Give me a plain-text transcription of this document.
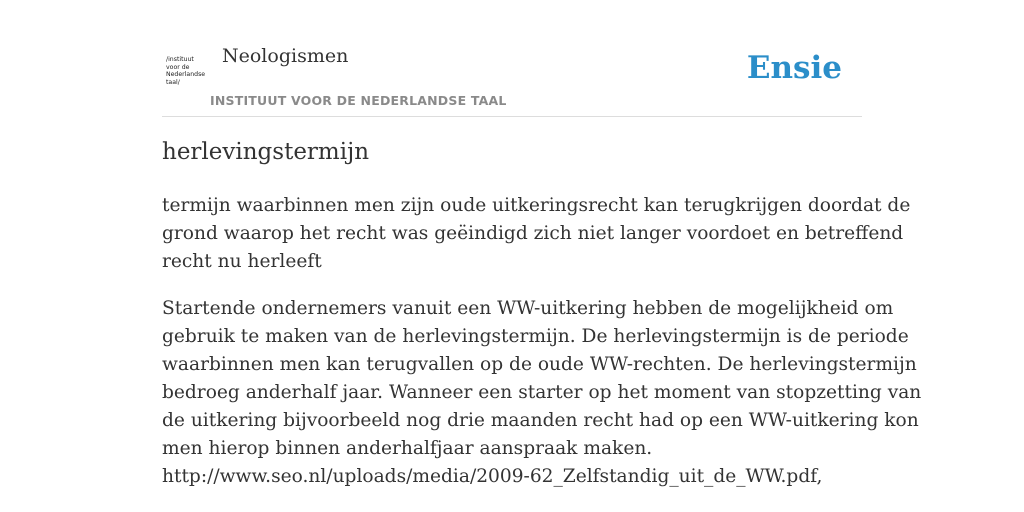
/instituut
voor de
Nederlandse
taal/
Neologismen
INSTITUUT VOOR DE NEDERLANDSE TAAL
Ensie
herlevingstermijn

termijn waarbinnen men zijn oude uitkeringsrecht kan terugkrijgen doordat de
grond waarop het recht was geëindigd zich niet langer voordoet en betreffend
recht nu herleeft

Startende ondernemers vanuit een WW-uitkering hebben de mogelijkheid om
gebruik te maken van de herlevingstermijn. De herlevingstermijn is de periode
waarbinnen men kan terugvallen op de oude WW-rechten. De herlevingstermijn
bedroeg anderhalf jaar. Wanneer een starter op het moment van stopzetting van
de uitkering bijvoorbeeld nog drie maanden recht had op een WW-uitkering kon
men hierop binnen anderhalfjaar aanspraak maken.
http://www.seo.nl/uploads/media/2009-62_Zelfstandig_uit_de_WW.pdf,
